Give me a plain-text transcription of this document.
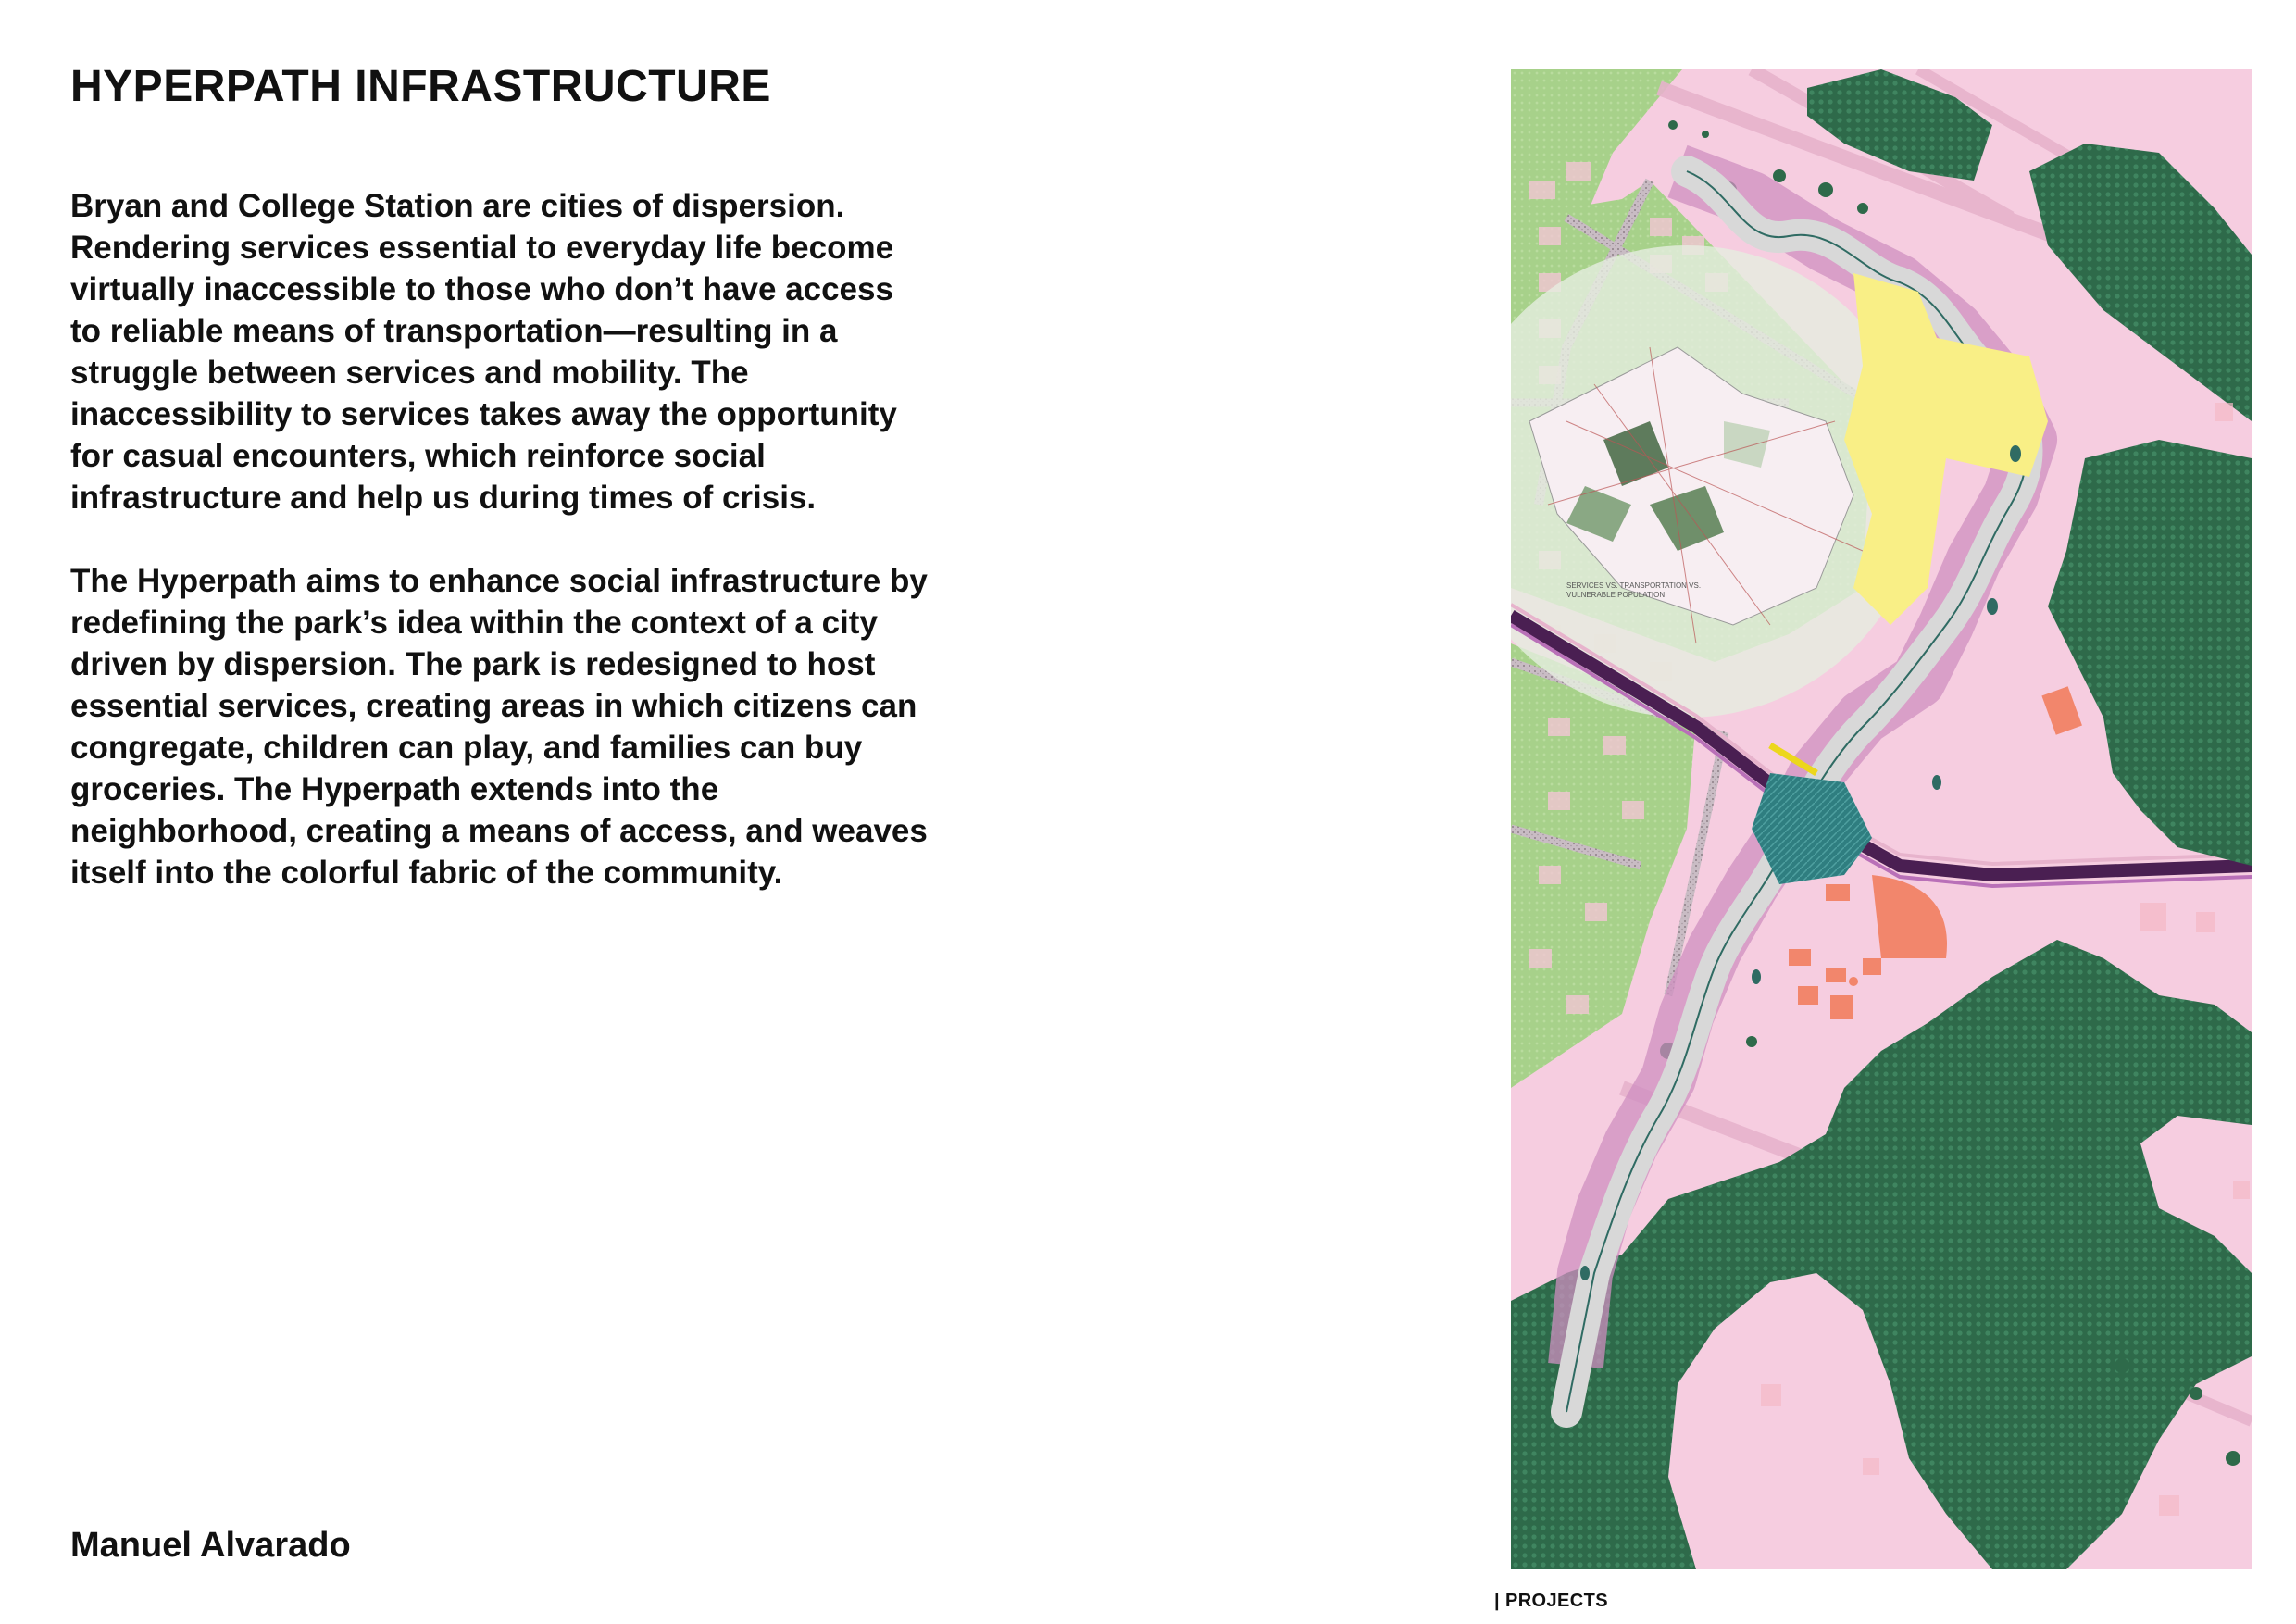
HYPERPATH INFRASTRUCTURE

Bryan and College Station are cities of dispersion. Rendering services essential to everyday life become virtually inaccessible to those who don’t have access to reliable means of transportation—resulting in a struggle between services and mobility. The inaccessibility to services takes away the opportunity for casual encounters, which reinforce social infrastructure and help us during times of crisis.

The Hyperpath aims to enhance social infrastructure by redefining the park’s idea within the context of a city driven by dispersion. The park is redesigned to host essential services, creating areas in which citizens can congregate, children can play, and families can buy groceries. The Hyperpath extends into the neighborhood, creating a means of access, and weaves itself into the colorful fabric of the community.

Manuel Alvarado

SERVICES VS. TRANSPORTATION VS.
VULNERABLE POPULATION
| PROJECTS
